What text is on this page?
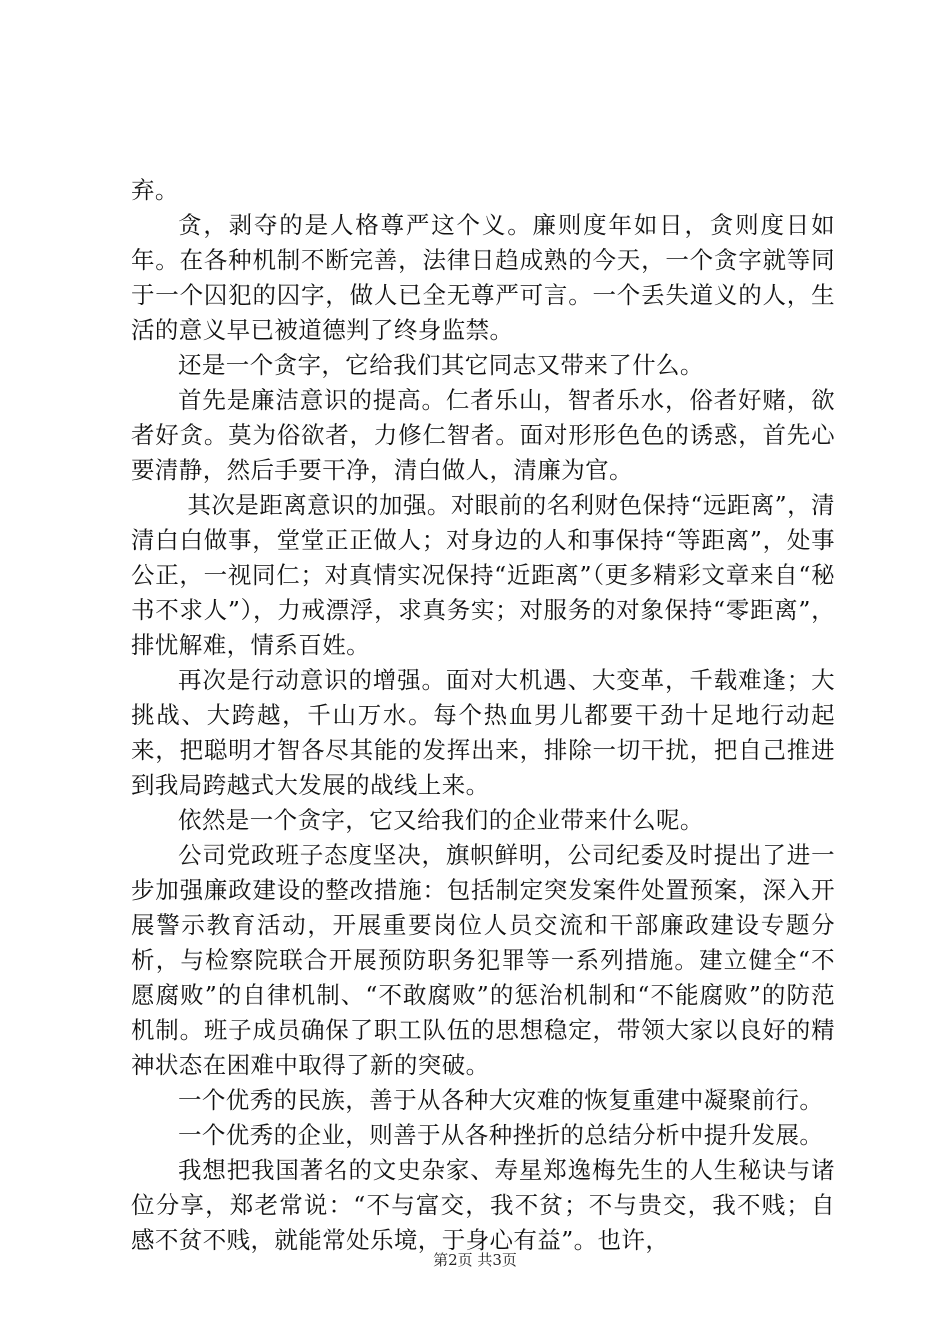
弃。

贪，剥夺的是人格尊严这个义。廉则度年如日，贪则度日如年。在各种机制不断完善，法律日趋成熟的今天，一个贪字就等同于一个囚犯的囚字，做人已全无尊严可言。一个丢失道义的人，生活的意义早已被道德判了终身监禁。

还是一个贪字，它给我们其它同志又带来了什么。

首先是廉洁意识的提高。仁者乐山，智者乐水，俗者好赌，欲者好贪。莫为俗欲者，力修仁智者。面对形形色色的诱惑，首先心要清静，然后手要干净，清白做人，清廉为官。

其次是距离意识的加强。对眼前的名利财色保持“远距离”，清清白白做事，堂堂正正做人；对身边的人和事保持“等距离”，处事公正，一视同仁；对真情实况保持“近距离”（更多精彩文章来自“秘书不求人”），力戒漂浮，求真务实；对服务的对象保持“零距离”，排忧解难，情系百姓。

再次是行动意识的增强。面对大机遇、大变革，千载难逢；大挑战、大跨越，千山万水。每个热血男儿都要干劲十足地行动起来，把聪明才智各尽其能的发挥出来，排除一切干扰，把自己推进到我局跨越式大发展的战线上来。

依然是一个贪字，它又给我们的企业带来什么呢。

公司党政班子态度坚决，旗帜鲜明，公司纪委及时提出了进一步加强廉政建设的整改措施：包括制定突发案件处置预案，深入开展警示教育活动，开展重要岗位人员交流和干部廉政建设专题分析，与检察院联合开展预防职务犯罪等一系列措施。建立健全“不愿腐败”的自律机制、“不敢腐败”的惩治机制和“不能腐败”的防范机制。班子成员确保了职工队伍的思想稳定，带领大家以良好的精神状态在困难中取得了新的突破。

一个优秀的民族，善于从各种大灾难的恢复重建中凝聚前行。

一个优秀的企业，则善于从各种挫折的总结分析中提升发展。

我想把我国著名的文史杂家、寿星郑逸梅先生的人生秘诀与诸位分享，郑老常说：“不与富交，我不贫；不与贵交，我不贱；自感不贫不贱，就能常处乐境，于身心有益”。也许，

第2页 共3页
